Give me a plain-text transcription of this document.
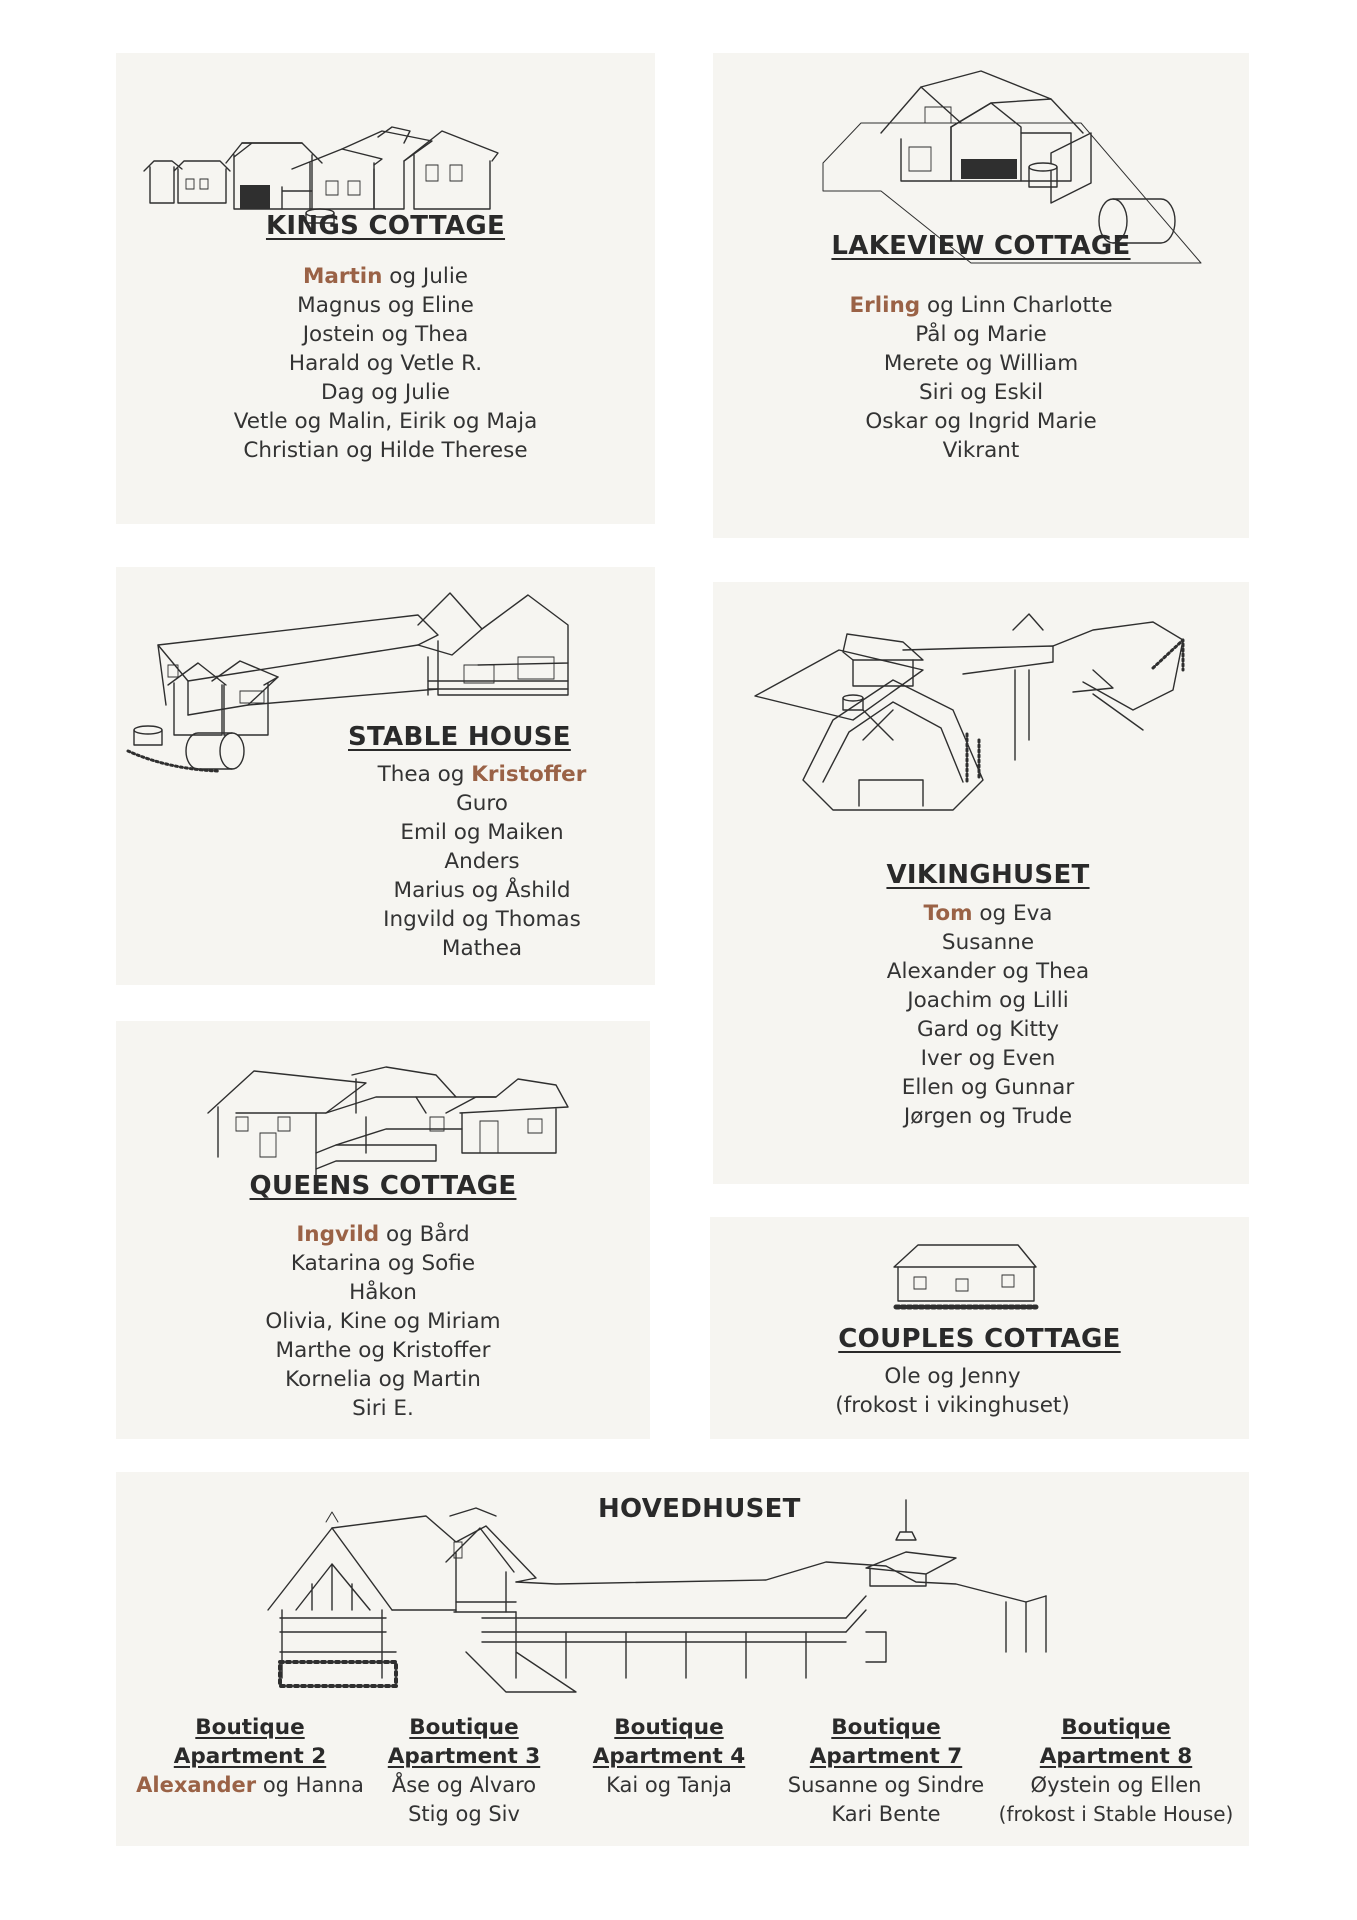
KINGS COTTAGE
Martin og Julie
Magnus og Eline
Jostein og Thea
Harald og Vetle R.
Dag og Julie
Vetle og Malin, Eirik og Maja
Christian og Hilde Therese
LAKEVIEW COTTAGE
Erling og Linn Charlotte
Pål og Marie
Merete og William
Siri og Eskil
Oskar og Ingrid Marie
Vikrant
STABLE HOUSE
Thea og Kristoffer
Guro
Emil og Maiken
Anders
Marius og Åshild
Ingvild og Thomas
Mathea
VIKINGHUSET
Tom og Eva
Susanne
Alexander og Thea
Joachim og Lilli
Gard og Kitty
Iver og Even
Ellen og Gunnar
Jørgen og Trude
QUEENS COTTAGE
Ingvild og Bård
Katarina og Sofie
Håkon
Olivia, Kine og Miriam
Marthe og Kristoffer
Kornelia og Martin
Siri E.
COUPLES COTTAGE
Ole og Jenny
(frokost i vikinghuset)
HOVEDHUSET
Boutique
Apartment 2
Alexander og Hanna
Boutique
Apartment 3
Åse og Alvaro
Stig og Siv
Boutique
Apartment 4
Kai og Tanja
Boutique
Apartment 7
Susanne og Sindre
Kari Bente
Boutique
Apartment 8
Øystein og Ellen
(frokost i Stable House)
